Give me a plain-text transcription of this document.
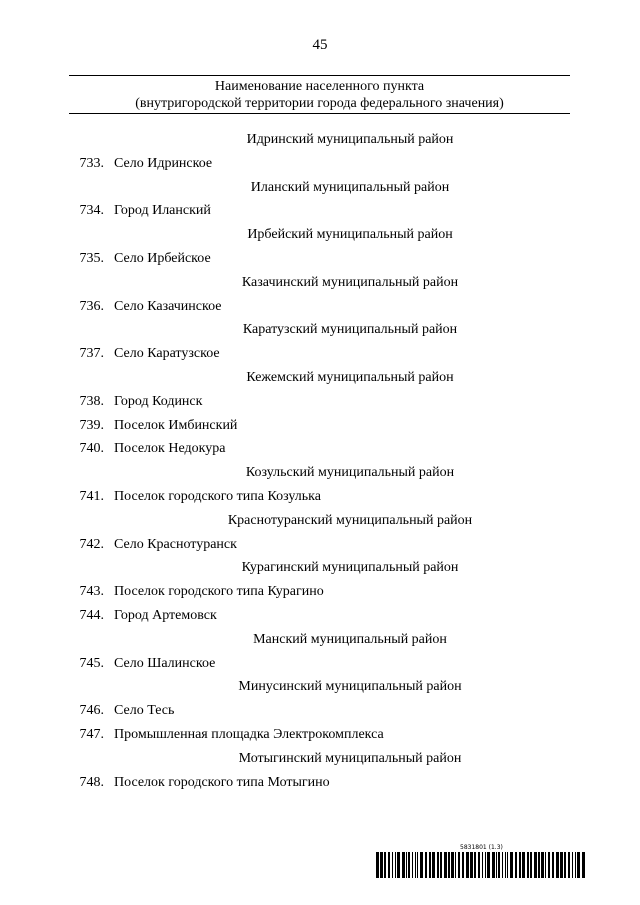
45
Наименование населенного пункта
(внутригородской территории города федерального значения)
Идринский муниципальный район
733. Село Идринское
Иланский муниципальный район
734. Город Иланский
Ирбейский муниципальный район
735. Село Ирбейское
Казачинский муниципальный район
736. Село Казачинское
Каратузский муниципальный район
737. Село Каратузское
Кежемский муниципальный район
738. Город Кодинск
739. Поселок Имбинский
740. Поселок Недокура
Козульский муниципальный район
741. Поселок городского типа Козулька
Краснотуранский муниципальный район
742. Село Краснотуранск
Курагинский муниципальный район
743. Поселок городского типа Курагино
744. Город Артемовск
Манский муниципальный район
745. Село Шалинское
Минусинский муниципальный район
746. Село Тесь
747. Промышленная площадка Электрокомплекса
Мотыгинский муниципальный район
748. Поселок городского типа Мотыгино
5831801 (1.3)
